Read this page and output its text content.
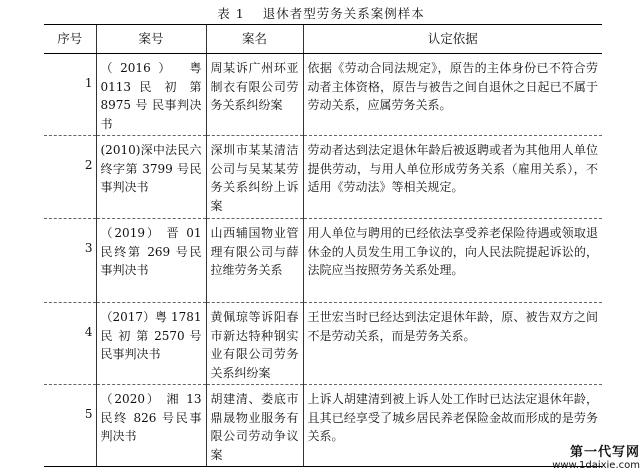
表 1 退休者型劳务关系案例样本
序号	案号	案名	认定依据
1	（2016） 粤 0113 民 初 第 8975 号 民事判决书	周某诉广州环亚制衣有限公司劳务关系纠纷案	依据《劳动合同法规定》，原告的主体身份已不符合劳动者主体资格，原告与被告之间自退休之日起已不属于劳动关系，应属劳务关系。
2	(2010)深中法民六终字第 3799 号民事判决书	深圳市某某清洁公司与吴某某劳务关系纠纷上诉案	劳动者达到法定退休年龄后被返聘或者为其他用人单位提供劳动，与用人单位形成劳务关系（雇用关系），不适用《劳动法》等相关规定。
3	（2019） 晋 01 民终第 269 号民事判决书	山西辅国物业管理有限公司与薛拉维劳务关系	用人单位与聘用的已经依法享受养老保险待遇或领取退休金的人员发生用工争议的，向人民法院提起诉讼的，法院应当按照劳务关系处理。
4	（2017）粤 1781 民 初 第 2570 号 民事判决书	黄佩琼等诉阳春市新达特种钢实业有限公司劳务关系纠纷案	王世宏当时已经达到法定退休年龄，原、被告双方之间不是劳动关系，而是劳务关系。
5	（2020） 湘 13 民终 826 号民事判决书	胡建清、娄底市鼎晟物业服务有限公司劳动争议案	上诉人胡建清到被上诉人处工作时已达法定退休年龄，且其已经享受了城乡居民养老保险金故而形成的是劳务关系。
第一代写网
www.1daixie.com
